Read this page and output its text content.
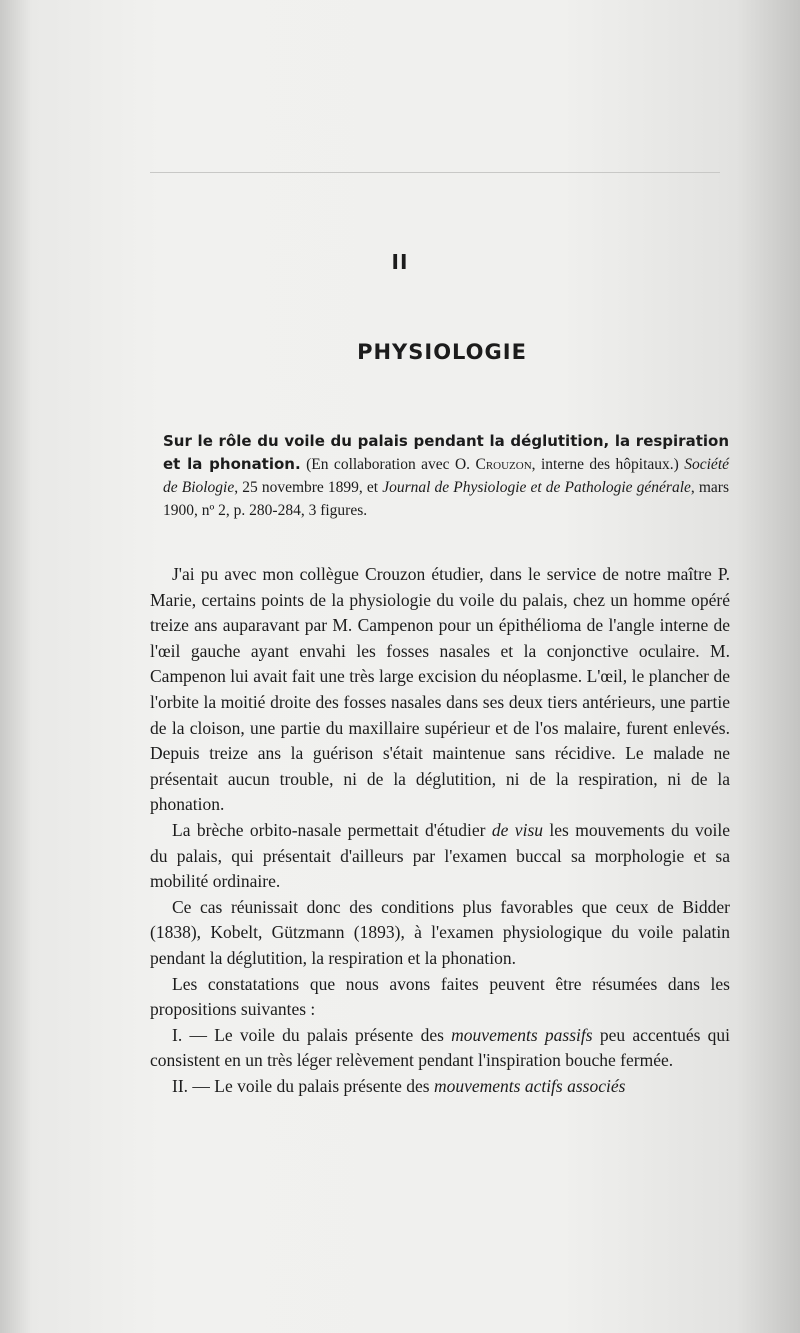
II
PHYSIOLOGIE
Sur le rôle du voile du palais pendant la déglutition, la respiration et la phonation. (En collaboration avec O. Crouzon, interne des hôpitaux.) Société de Biologie, 25 novembre 1899, et Journal de Physiologie et de Pathologie générale, mars 1900, nº 2, p. 280-284, 3 figures.

J'ai pu avec mon collègue Crouzon étudier, dans le service de notre maître P. Marie, certains points de la physiologie du voile du palais, chez un homme opéré treize ans auparavant par M. Campenon pour un épithélioma de l'angle interne de l'œil gauche ayant envahi les fosses nasales et la conjonctive oculaire. M. Campenon lui avait fait une très large excision du néoplasme. L'œil, le plancher de l'orbite la moitié droite des fosses nasales dans ses deux tiers antérieurs, une partie de la cloison, une partie du maxillaire supérieur et de l'os malaire, furent enlevés. Depuis treize ans la guérison s'était maintenue sans récidive. Le malade ne présentait aucun trouble, ni de la déglutition, ni de la respiration, ni de la phonation.

La brèche orbito-nasale permettait d'étudier de visu les mouvements du voile du palais, qui présentait d'ailleurs par l'examen buccal sa morphologie et sa mobilité ordinaire.

Ce cas réunissait donc des conditions plus favorables que ceux de Bidder (1838), Kobelt, Gützmann (1893), à l'examen physiologique du voile palatin pendant la déglutition, la respiration et la phonation.

Les constatations que nous avons faites peuvent être résumées dans les propositions suivantes :

I. — Le voile du palais présente des mouvements passifs peu accentués qui consistent en un très léger relèvement pendant l'inspiration bouche fermée.

II. — Le voile du palais présente des mouvements actifs associés
